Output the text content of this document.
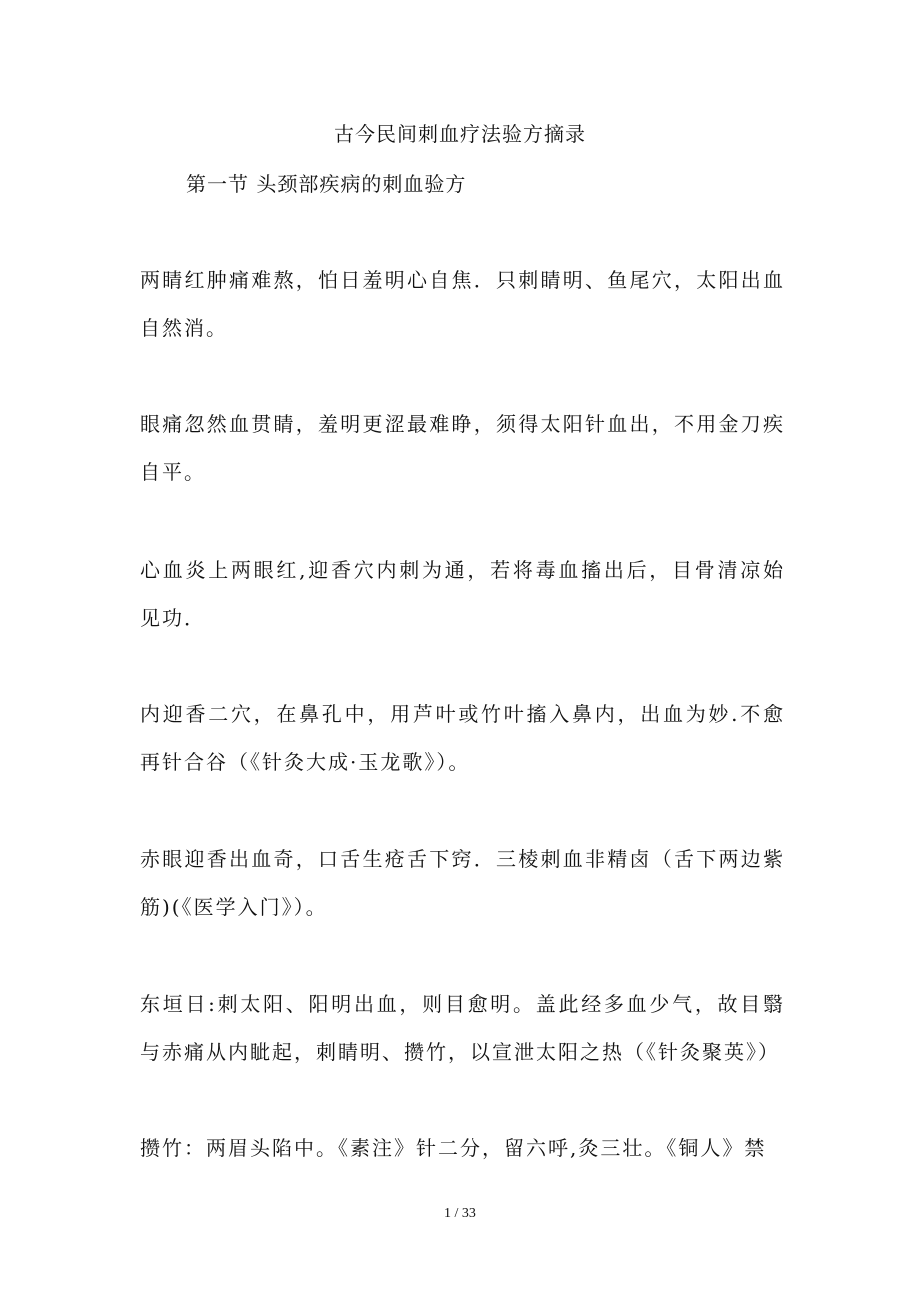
古今民间刺血疗法验方摘录
第一节 头颈部疾病的刺血验方

两睛红肿痛难熬，怕日羞明心自焦．只刺睛明、鱼尾穴，太阳出血自然消。

眼痛忽然血贯睛，羞明更涩最难睁，须得太阳针血出，不用金刀疾自平。

心血炎上两眼红,迎香穴内刺为通，若将毒血搐出后，目骨清凉始见功．

内迎香二穴，在鼻孔中，用芦叶或竹叶搐入鼻内，出血为妙.不愈再针合谷（《针灸大成·玉龙歌》）。

赤眼迎香出血奇，口舌生疮舌下窍．三棱刺血非精卤（舌下两边紫筋)(《医学入门》）。

东垣日:刺太阳、阳明出血，则目愈明。盖此经多血少气，故目翳与赤痛从内眦起，刺睛明、攒竹，以宣泄太阳之热（《针灸聚英》）

攒竹：两眉头陷中。《素注》针二分，留六呼,灸三壮。《铜人》禁

1 / 33
